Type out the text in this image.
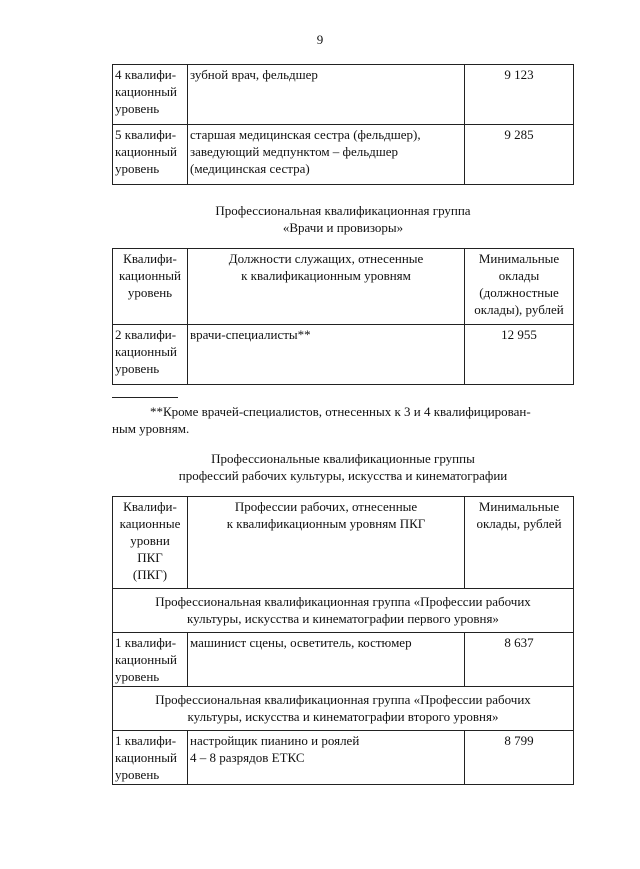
9
4 квалифи-
кационный
уровень	зубной врач, фельдшер	9 123

5 квалифи-
кационный
уровень	старшая медицинская сестра (фельдшер),
заведующий медпунктом – фельдшер
(медицинская сестра)	9 285
Профессиональная квалификационная группа
«Врачи и провизоры»
Квалифи-
кационный
уровень	Должности служащих, отнесенные
к квалификационным уровням	Минимальные
оклады
(должностные
оклады), рублей

2 квалифи-
кационный
уровень	врачи-специалисты**	12 955
**Кроме врачей-специалистов, отнесенных к 3 и 4 квалифицирован-
ным уровням.
Профессиональные квалификационные группы
профессий рабочих культуры, искусства и кинематографии
Квалифи-
кационные
уровни
ПКГ
(ПКГ)	Профессии рабочих, отнесенные
к квалификационным уровням ПКГ	Минимальные
оклады, рублей

Профессиональная квалификационная группа «Профессии рабочих
культуры, искусства и кинематографии первого уровня»		

1 квалифи-
кационный
уровень	машинист сцены, осветитель, костюмер	8 637

Профессиональная квалификационная группа «Профессии рабочих
культуры, искусства и кинематографии второго уровня»		

1 квалифи-
кационный
уровень	настройщик пианино и роялей
4 – 8 разрядов ЕТКС	8 799
